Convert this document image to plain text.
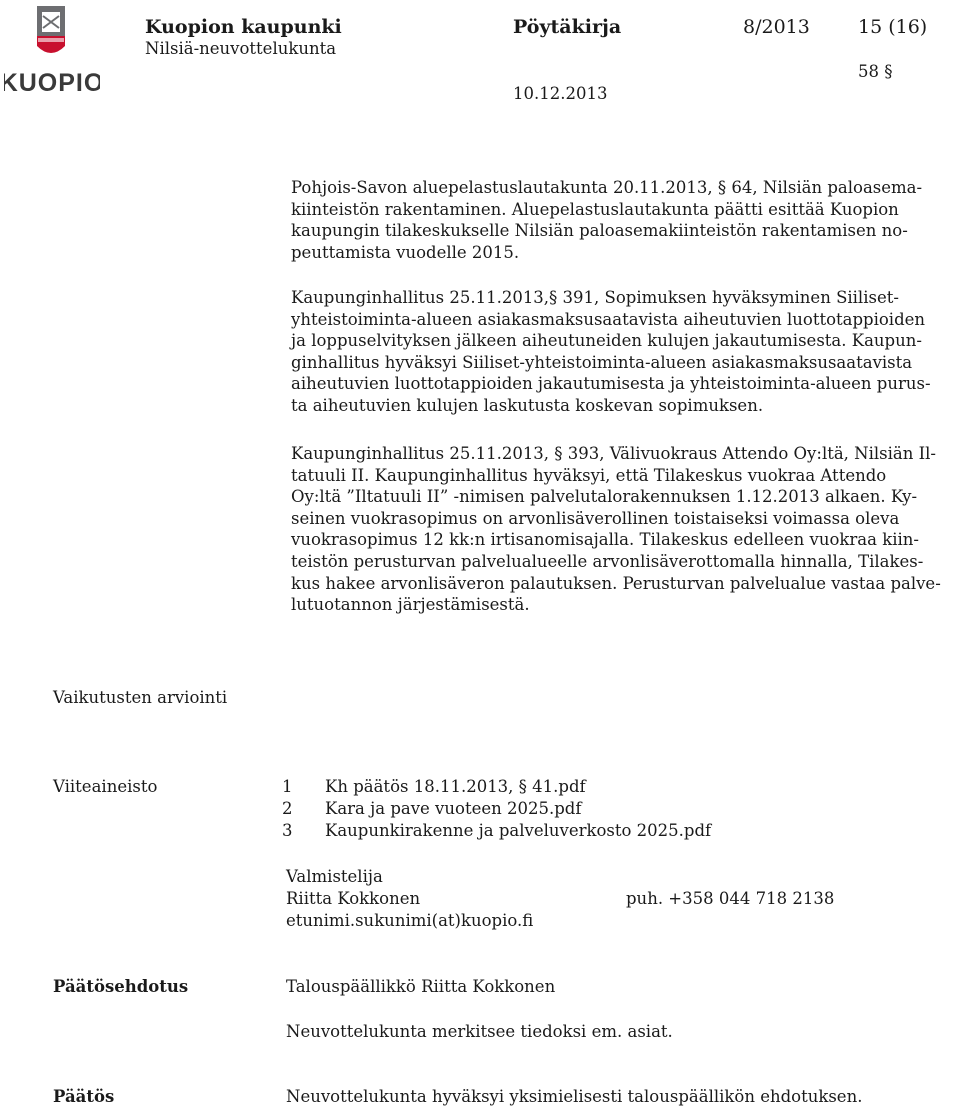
KUOPIO
Kuopion kaupunki
Nilsiä-neuvottelukunta
Pöytäkirja	8/2013	15 (16)
58 §
10.12.2013
Pohjois-Savon aluepelastuslautakunta 20.11.2013, § 64, Nilsiän paloasema-
kiinteistön rakentaminen. Aluepelastuslautakunta päätti esittää Kuopion
kaupungin tilakeskukselle Nilsiän paloasemakiinteistön rakentamisen no-
peuttamista vuodelle 2015.
Kaupunginhallitus 25.11.2013,§ 391, Sopimuksen hyväksyminen Siiliset-
yhteistoiminta-alueen asiakasmaksusaatavista aiheutuvien luottotappioiden
ja loppuselvityksen jälkeen aiheutuneiden kulujen jakautumisesta. Kaupun-
ginhallitus hyväksyi Siiliset-yhteistoiminta-alueen asiakasmaksusaatavista
aiheutuvien luottotappioiden jakautumisesta ja yhteistoiminta-alueen purus-
ta aiheutuvien kulujen laskutusta koskevan sopimuksen.
Kaupunginhallitus 25.11.2013, § 393, Välivuokraus Attendo Oy:ltä, Nilsiän Il-
tatuuli II. Kaupunginhallitus hyväksyi, että Tilakeskus vuokraa Attendo
Oy:ltä ”Iltatuuli II” -nimisen palvelutalorakennuksen 1.12.2013 alkaen. Ky-
seinen vuokrasopimus on arvonlisäverollinen toistaiseksi voimassa oleva
vuokrasopimus 12 kk:n irtisanomisajalla. Tilakeskus edelleen vuokraa kiin-
teistön perusturvan palvelualueelle arvonlisäverottomalla hinnalla, Tilakes-
kus hakee arvonlisäveron palautuksen. Perusturvan palvelualue vastaa palve-
lutuotannon järjestämisestä.
Vaikutusten arviointi
Viiteaineisto	1	Kh päätös 18.11.2013, § 41.pdf
2	Kara ja pave vuoteen 2025.pdf
3	Kaupunkirakenne ja palveluverkosto 2025.pdf
Valmistelija
Riitta Kokkonen	puh. +358 044 718 2138
etunimi.sukunimi(at)kuopio.fi
Päätösehdotus	Talouspäällikkö Riitta Kokkonen
Neuvottelukunta merkitsee tiedoksi em. asiat.
Päätös	Neuvottelukunta hyväksyi yksimielisesti talouspäällikön ehdotuksen.
